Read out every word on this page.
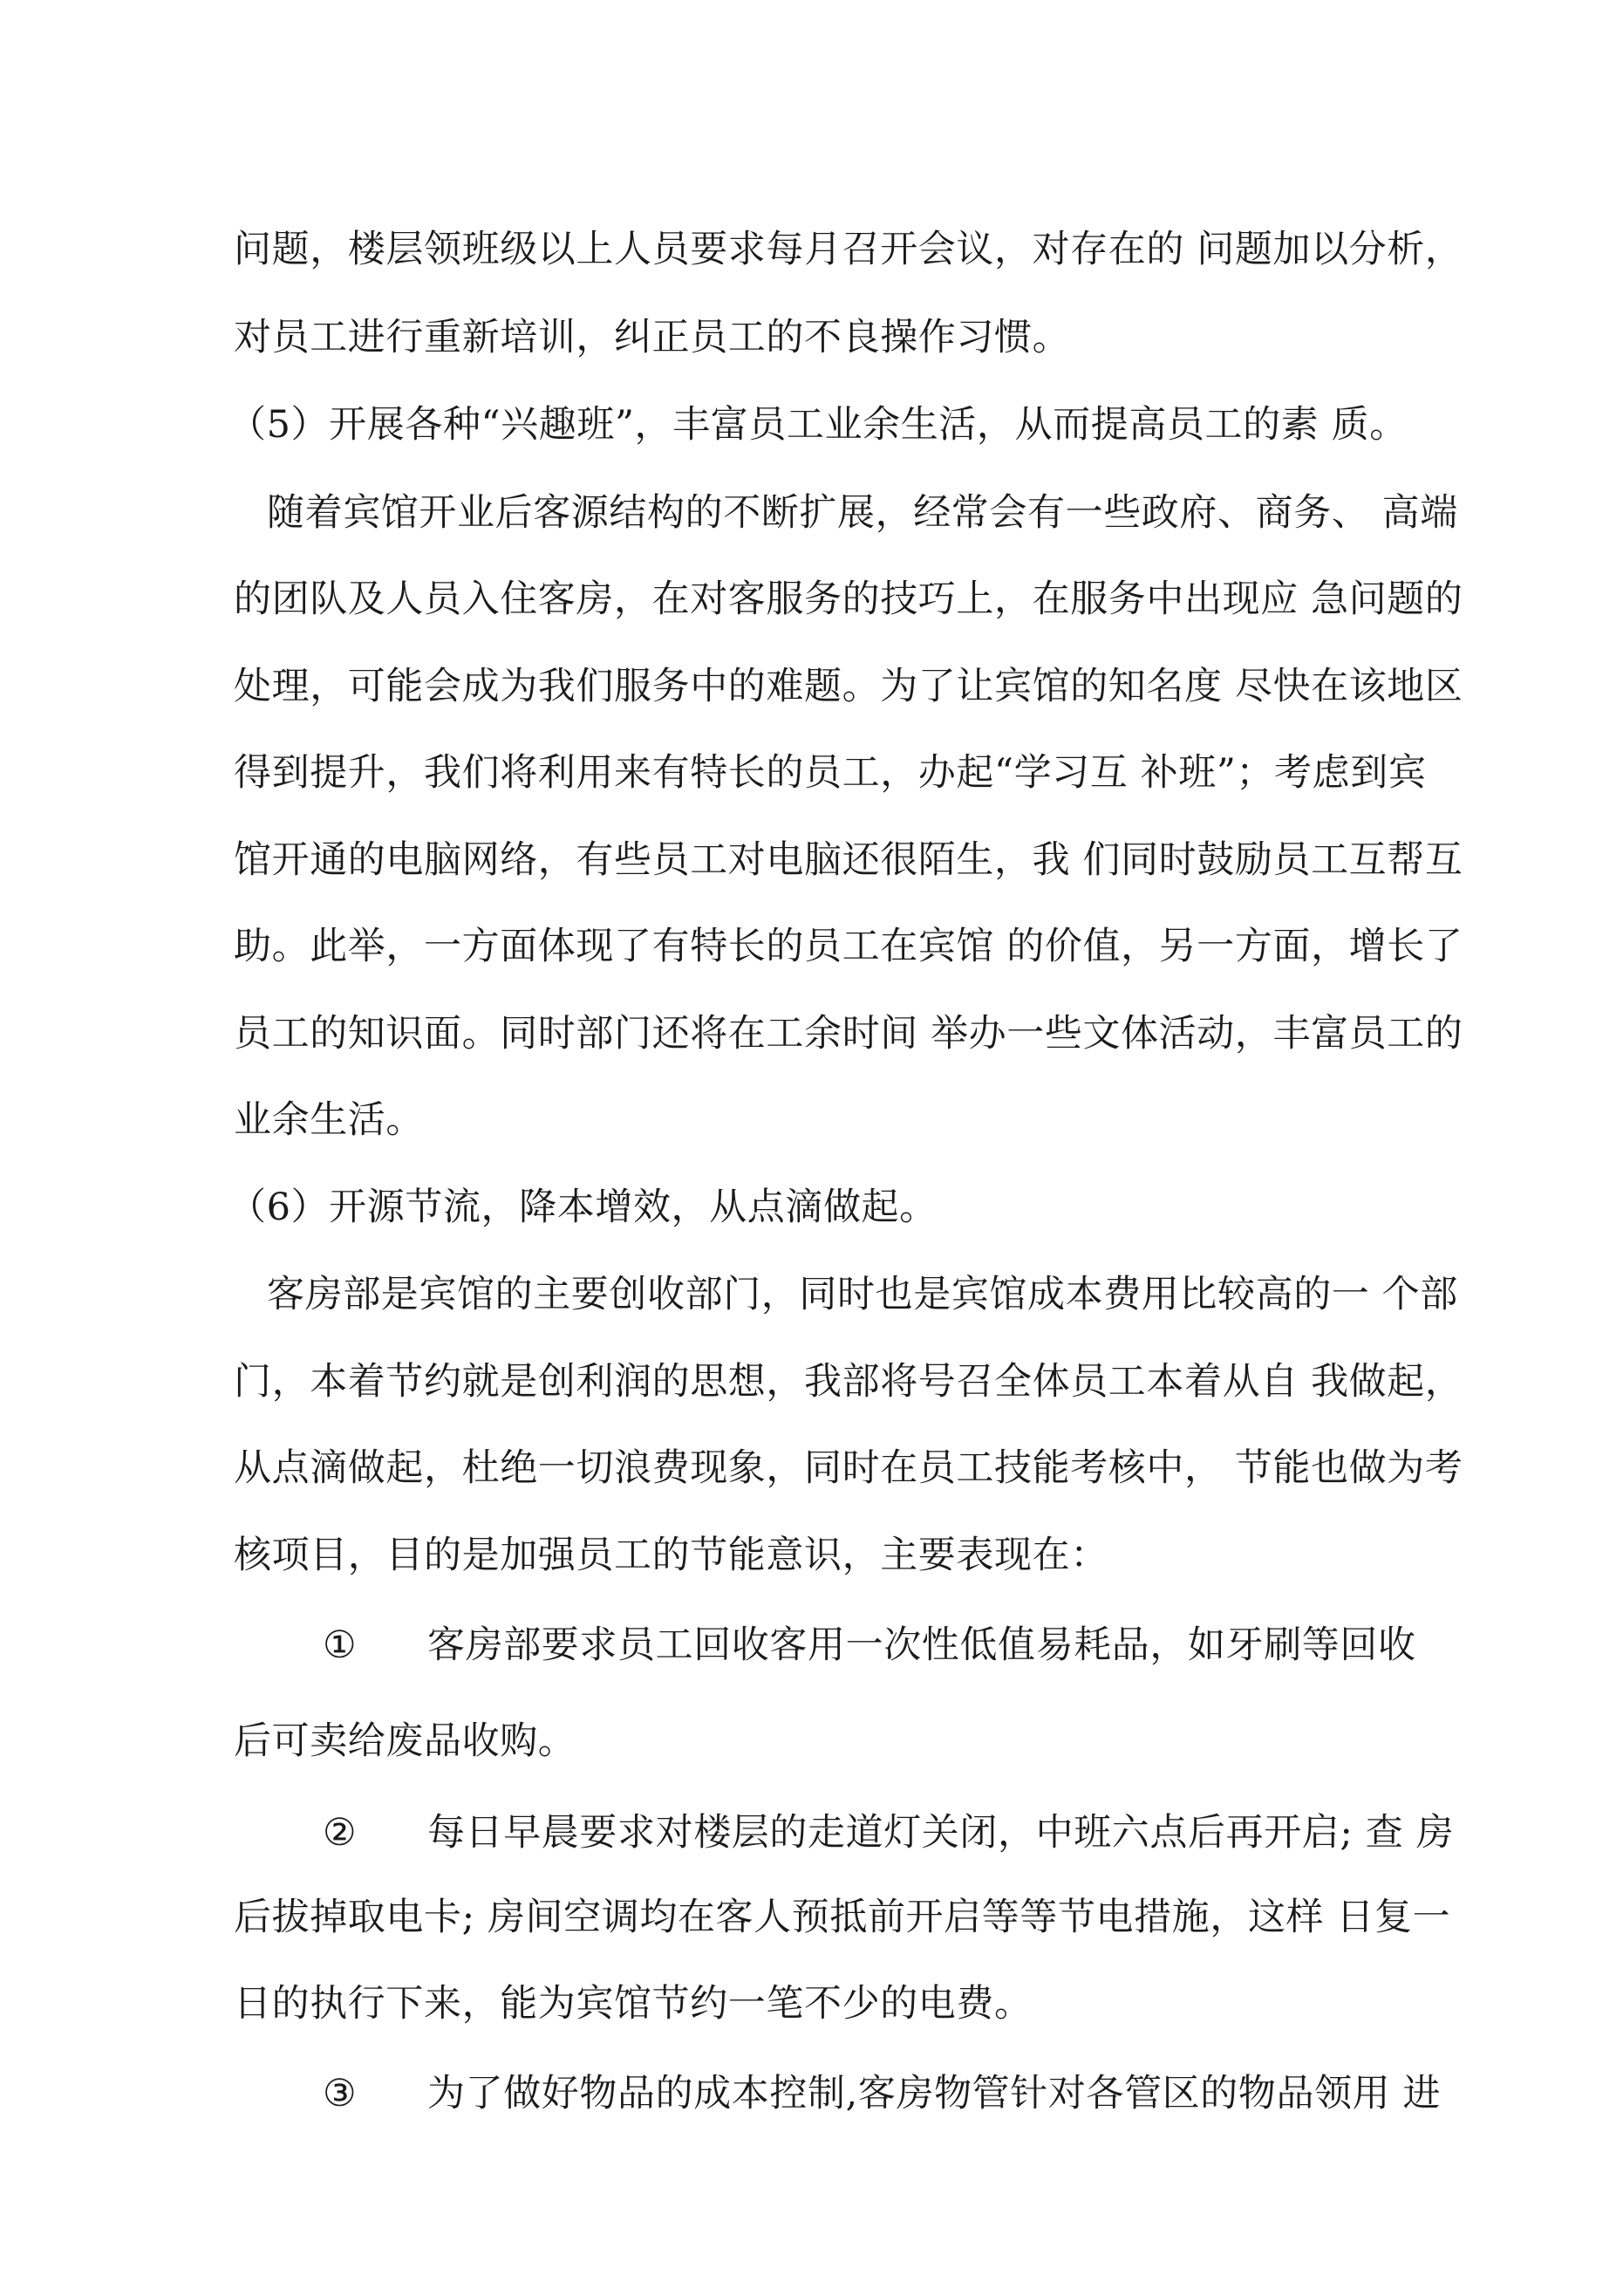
问题，楼层领班级以上人员要求每月召开会议，对存在的 问题加以分析，
对员工进行重新培训，纠正员工的不良操作习惯。
（5）开展各种“兴趣班”，丰富员工业余生活，从而提高员工的素 质。
随着宾馆开业后客源结构的不断扩展，经常会有一些政府、商务、 高端
的团队及人员入住客房，在对客服务的技巧上，在服务中出现应 急问题的
处理，可能会成为我们服务中的难题。为了让宾馆的知名度 尽快在该地区
得到提升，我们将利用来有特长的员工，办起“学习互 补班”；考虑到宾
馆开通的电脑网络，有些员工对电脑还很陌生，我 们同时鼓励员工互帮互
助。此举，一方面体现了有特长的员工在宾馆 的价值，另一方面，增长了
员工的知识面。同时部门还将在工余时间 举办一些文体活动，丰富员工的
业余生活。
（6）开源节流，降本增效，从点滴做起。
客房部是宾馆的主要创收部门，同时也是宾馆成本费用比较高的一 个部
门，本着节约就是创利润的思想，我部将号召全体员工本着从自 我做起，
从点滴做起，杜绝一切浪费现象，同时在员工技能考核中， 节能也做为考
核项目，目的是加强员工的节能意识，主要表现在：
① 客房部要求员工回收客用一次性低值易耗品，如牙刷等回收
后可卖给废品收购。
② 每日早晨要求对楼层的走道灯关闭，中班六点后再开启; 查 房
后拔掉取电卡; 房间空调均在客人预抵前开启等等节电措施，这样 日复一
日的执行下来，能为宾馆节约一笔不少的电费。
③ 为了做好物品的成本控制,客房物管针对各管区的物品领用 进
